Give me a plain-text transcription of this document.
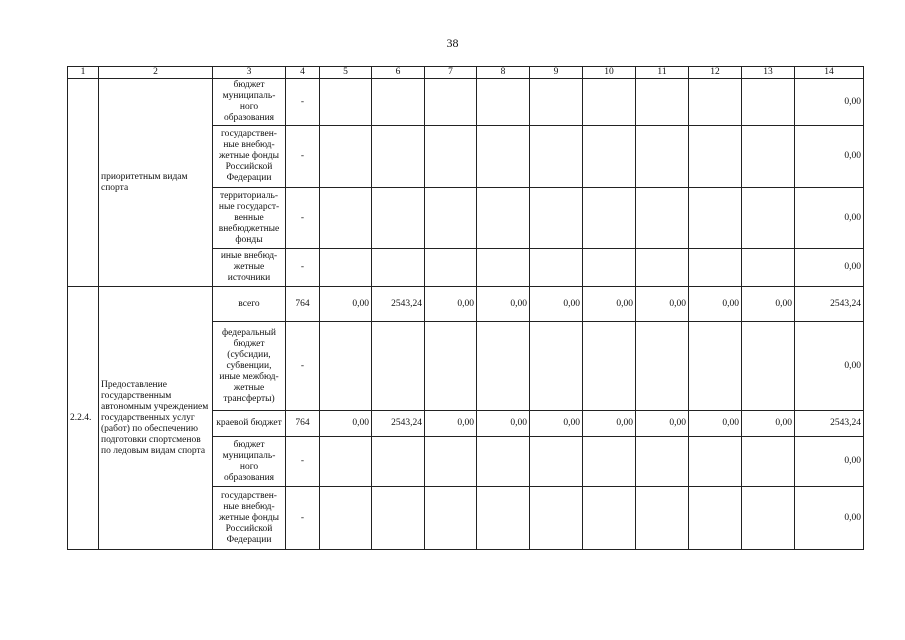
38
1	2	3	4	5	6	7	8	9	10	11	12	13	14
	приоритетным видам спорта	бюджет муниципаль-ного образования	-										0,00
		государствен-ные внебюд-жетные фонды Российской Федерации	-										0,00
		территориаль-ные государст-венные внебюджетные фонды	-										0,00
		иные внебюд-жетные источники	-										0,00
2.2.4.	Предоставление государственным автономным учреждением государственных услуг (работ) по обеспечению подготовки спортсменов по ледовым видам спорта	всего	764	0,00	2543,24	0,00	0,00	0,00	0,00	0,00	0,00	0,00	2543,24
		федеральный бюджет (субсидии, субвенции, иные межбюд-жетные трансферты)	-										0,00
		краевой бюджет	764	0,00	2543,24	0,00	0,00	0,00	0,00	0,00	0,00	0,00	2543,24
		бюджет муниципаль-ного образования	-										0,00
		государствен-ные внебюд-жетные фонды Российской Федерации	-										0,00
